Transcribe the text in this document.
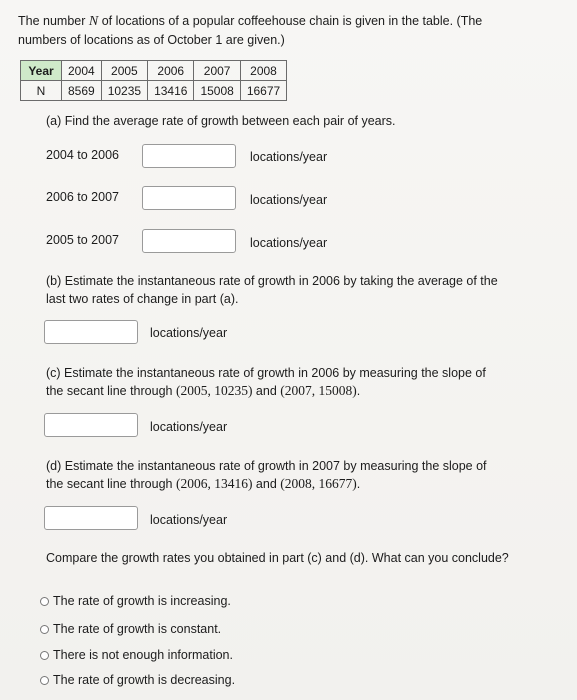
The number N of locations of a popular coffeehouse chain is given in the table. (The
numbers of locations as of October 1 are given.)
Year	2004	2005	2006	2007	2008
N	8569	10235	13416	15008	16677
(a) Find the average rate of growth between each pair of years.
2004 to 2006	locations/year
2006 to 2007	locations/year
2005 to 2007	locations/year
(b) Estimate the instantaneous rate of growth in 2006 by taking the average of the
last two rates of change in part (a).
locations/year
(c) Estimate the instantaneous rate of growth in 2006 by measuring the slope of
the secant line through (2005, 10235) and (2007, 15008).
locations/year
(d) Estimate the instantaneous rate of growth in 2007 by measuring the slope of
the secant line through (2006, 13416) and (2008, 16677).
locations/year
Compare the growth rates you obtained in part (c) and (d). What can you conclude?
The rate of growth is increasing.
The rate of growth is constant.
There is not enough information.
The rate of growth is decreasing.
